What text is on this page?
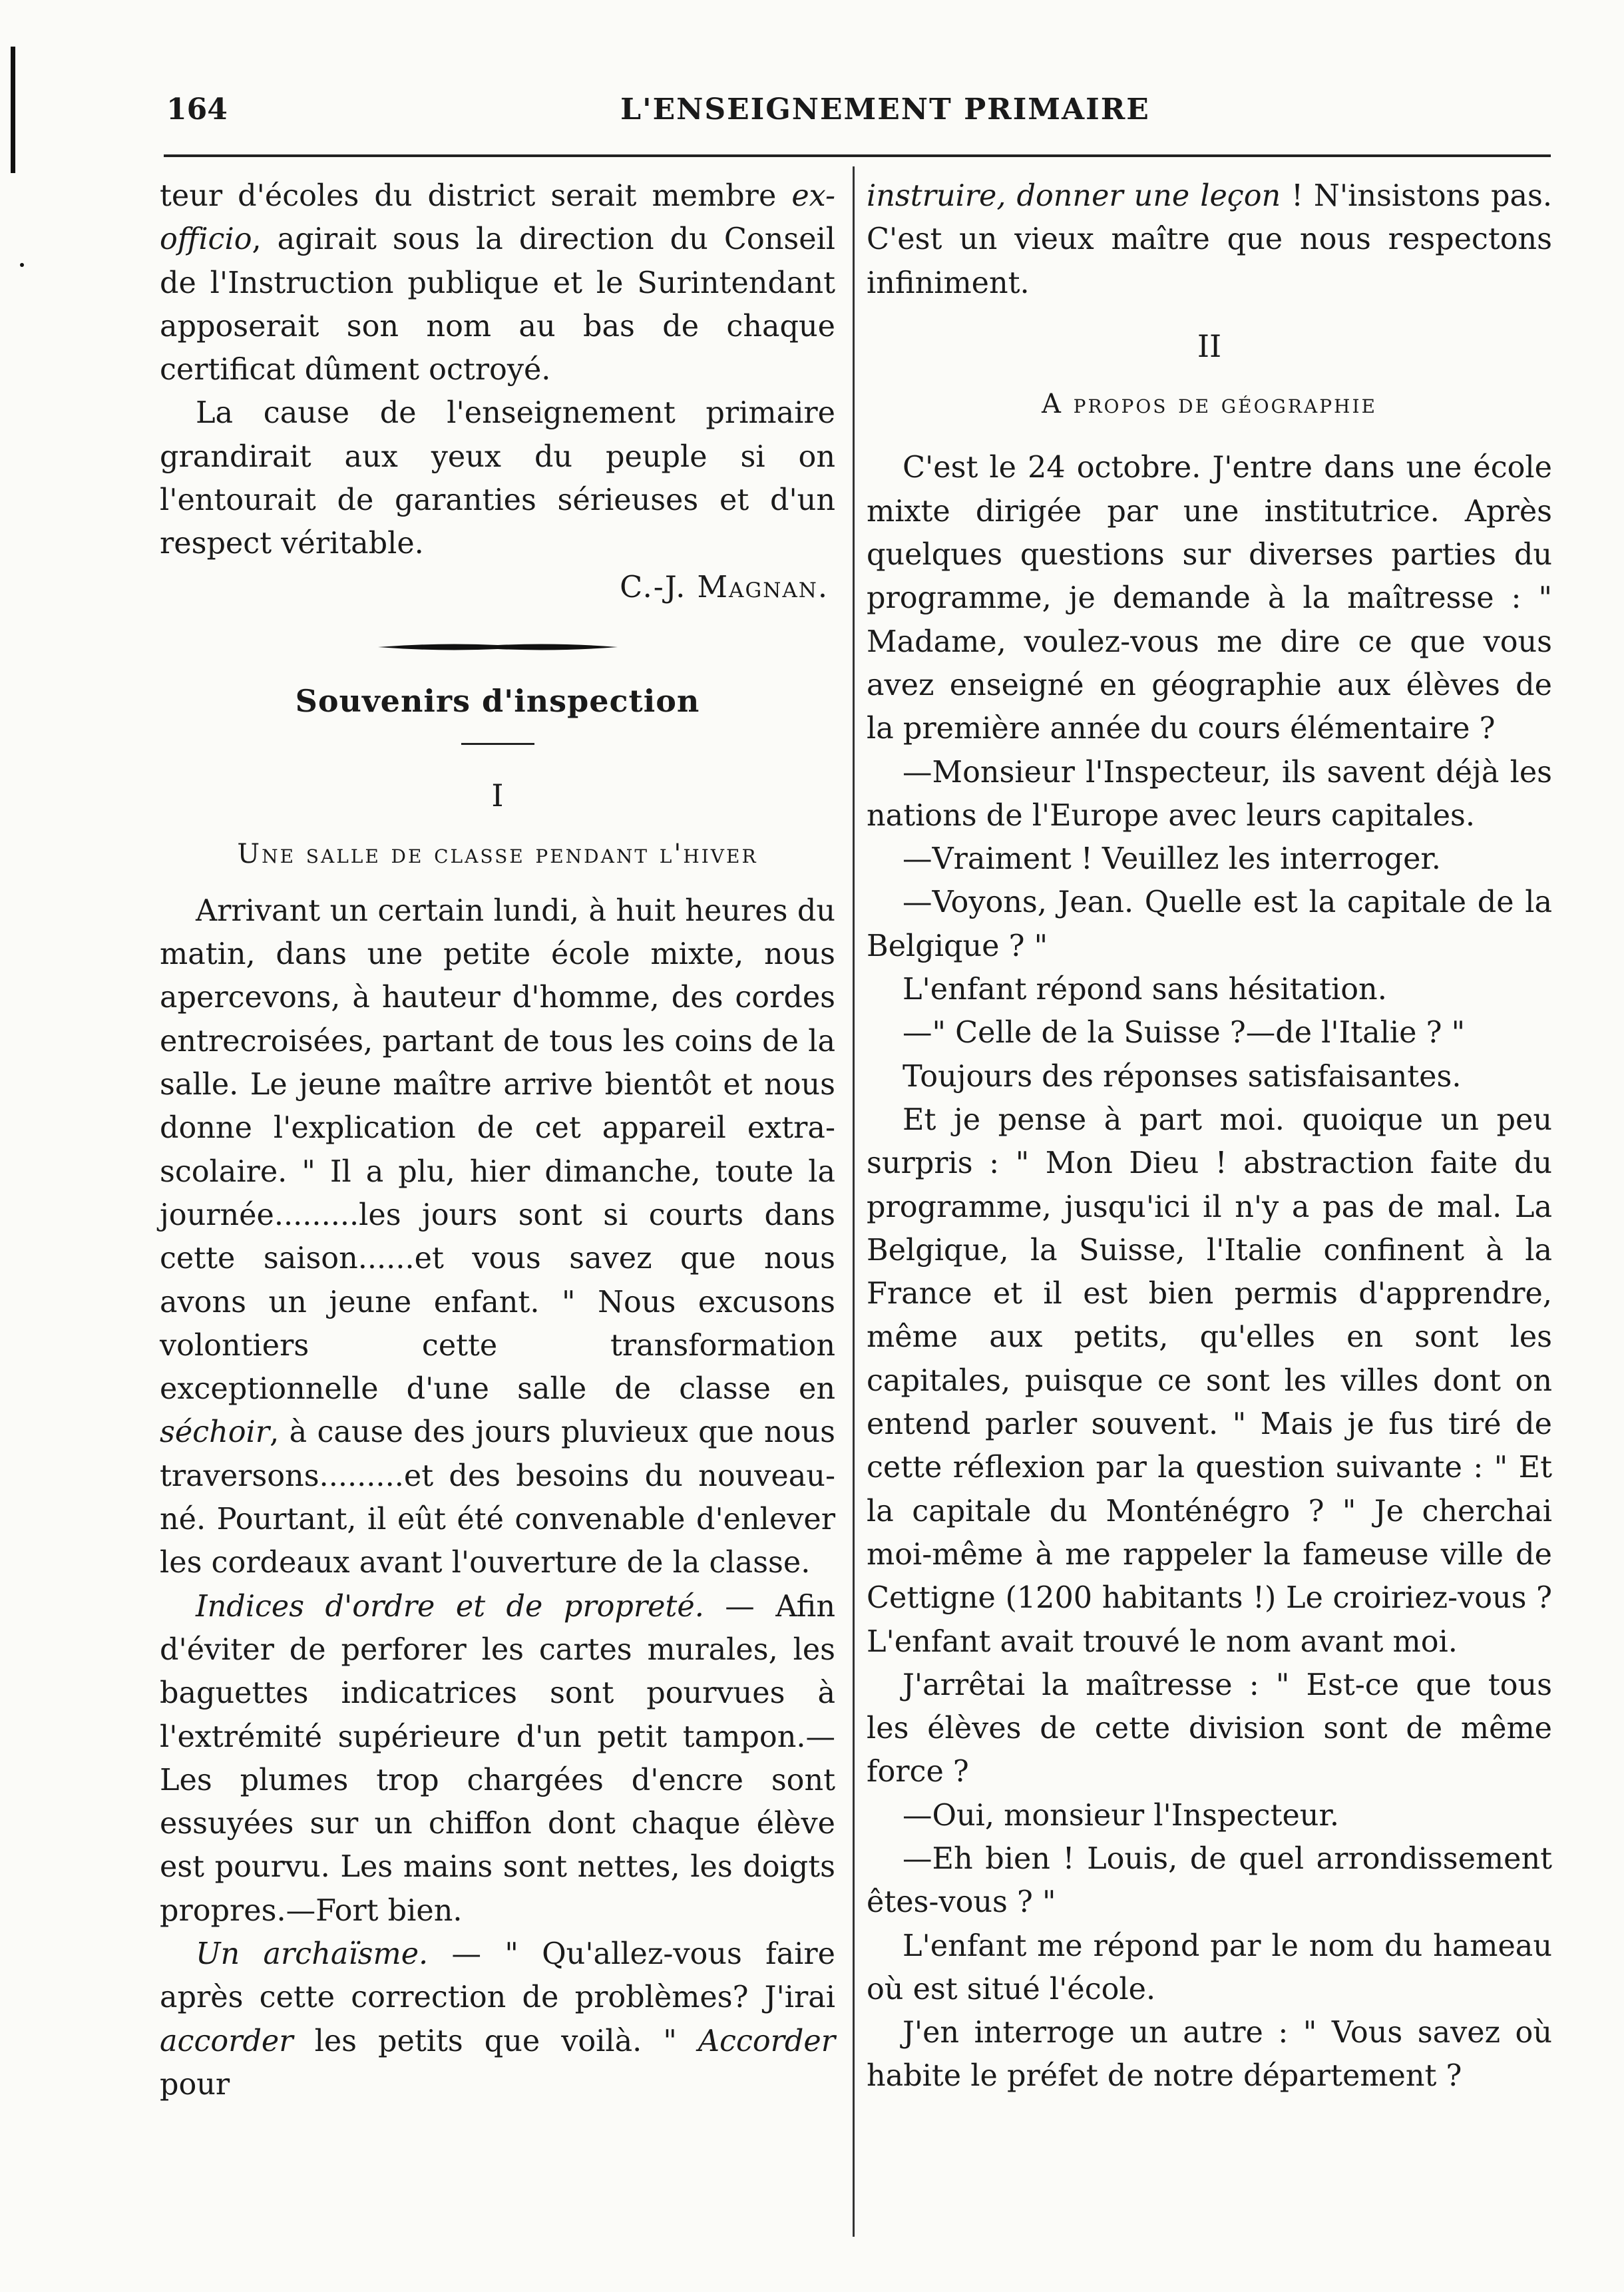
164	L'ENSEIGNEMENT PRIMAIRE

teur d'écoles du district serait membre ex-officio, agirait sous la direction du Conseil de l'Instruction publique et le Surintendant apposerait son nom au bas de chaque certificat dûment octroyé.

La cause de l'enseignement primaire grandirait aux yeux du peuple si on l'entourait de garanties sérieuses et d'un respect véritable.

C.-J. Magnan.

Souvenirs d'inspection
I
Une salle de classe pendant l'hiver

Arrivant un certain lundi, à huit heures du matin, dans une petite école mixte, nous apercevons, à hauteur d'homme, des cordes entrecroisées, partant de tous les coins de la salle. Le jeune maître arrive bientôt et nous donne l'explication de cet appareil extra-scolaire. " Il a plu, hier dimanche, toute la journée.........les jours sont si courts dans cette saison......et vous savez que nous avons un jeune enfant. " Nous excusons volontiers cette transformation exceptionnelle d'une salle de classe en séchoir, à cause des jours pluvieux que nous traversons.........et des besoins du nouveau-né. Pourtant, il eût été convenable d'enlever les cordeaux avant l'ouverture de la classe.

Indices d'ordre et de propreté. — Afin d'éviter de perforer les cartes murales, les baguettes indicatrices sont pourvues à l'extrémité supérieure d'un petit tampon.—Les plumes trop chargées d'encre sont essuyées sur un chiffon dont chaque élève est pourvu. Les mains sont nettes, les doigts propres.—Fort bien.

Un archaïsme. — " Qu'allez-vous faire après cette correction de problèmes? J'irai accorder les petits que voilà. " Accorder pour

instruire, donner une leçon ! N'insistons pas. C'est un vieux maître que nous respectons infiniment.

II
A propos de géographie

C'est le 24 octobre. J'entre dans une école mixte dirigée par une institutrice. Après quelques questions sur diverses parties du programme, je demande à la maîtresse : " Madame, voulez-vous me dire ce que vous avez enseigné en géographie aux élèves de la première année du cours élémentaire ?

—Monsieur l'Inspecteur, ils savent déjà les nations de l'Europe avec leurs capitales.

—Vraiment ! Veuillez les interroger.

—Voyons, Jean. Quelle est la capitale de la Belgique ? "

L'enfant répond sans hésitation.

—" Celle de la Suisse ?—de l'Italie ? "

Toujours des réponses satisfaisantes.

Et je pense à part moi. quoique un peu surpris : " Mon Dieu ! abstraction faite du programme, jusqu'ici il n'y a pas de mal. La Belgique, la Suisse, l'Italie confinent à la France et il est bien permis d'apprendre, même aux petits, qu'elles en sont les capitales, puisque ce sont les villes dont on entend parler souvent. " Mais je fus tiré de cette réflexion par la question suivante : " Et la capitale du Monténégro ? " Je cherchai moi-même à me rappeler la fameuse ville de Cettigne (1200 habitants !) Le croiriez-vous ? L'enfant avait trouvé le nom avant moi.

J'arrêtai la maîtresse : " Est-ce que tous les élèves de cette division sont de même force ?

—Oui, monsieur l'Inspecteur.

—Eh bien ! Louis, de quel arrondissement êtes-vous ? "

L'enfant me répond par le nom du hameau où est situé l'école.

J'en interroge un autre : " Vous savez où habite le préfet de notre département ?
